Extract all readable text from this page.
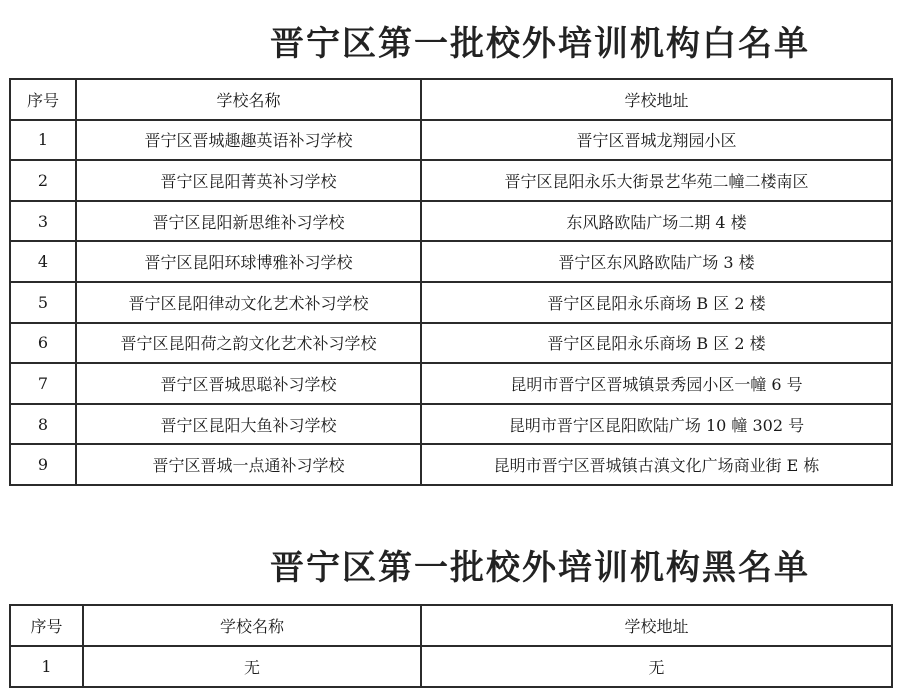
晋宁区第一批校外培训机构白名单
序号	学校名称	学校地址
1	晋宁区晋城趣趣英语补习学校	晋宁区晋城龙翔园小区
2	晋宁区昆阳菁英补习学校	晋宁区昆阳永乐大街景艺华苑二幢二楼南区
3	晋宁区昆阳新思维补习学校	东风路欧陆广场二期 4 楼
4	晋宁区昆阳环球博雅补习学校	晋宁区东风路欧陆广场 3 楼
5	晋宁区昆阳律动文化艺术补习学校	晋宁区昆阳永乐商场 B 区 2 楼
6	晋宁区昆阳荷之韵文化艺术补习学校	晋宁区昆阳永乐商场 B 区 2 楼
7	晋宁区晋城思聪补习学校	昆明市晋宁区晋城镇景秀园小区一幢 6 号
8	晋宁区昆阳大鱼补习学校	昆明市晋宁区昆阳欧陆广场 10 幢 302 号
9	晋宁区晋城一点通补习学校	昆明市晋宁区晋城镇古滇文化广场商业街 E 栋
晋宁区第一批校外培训机构黑名单
序号	学校名称	学校地址
1	无	无
